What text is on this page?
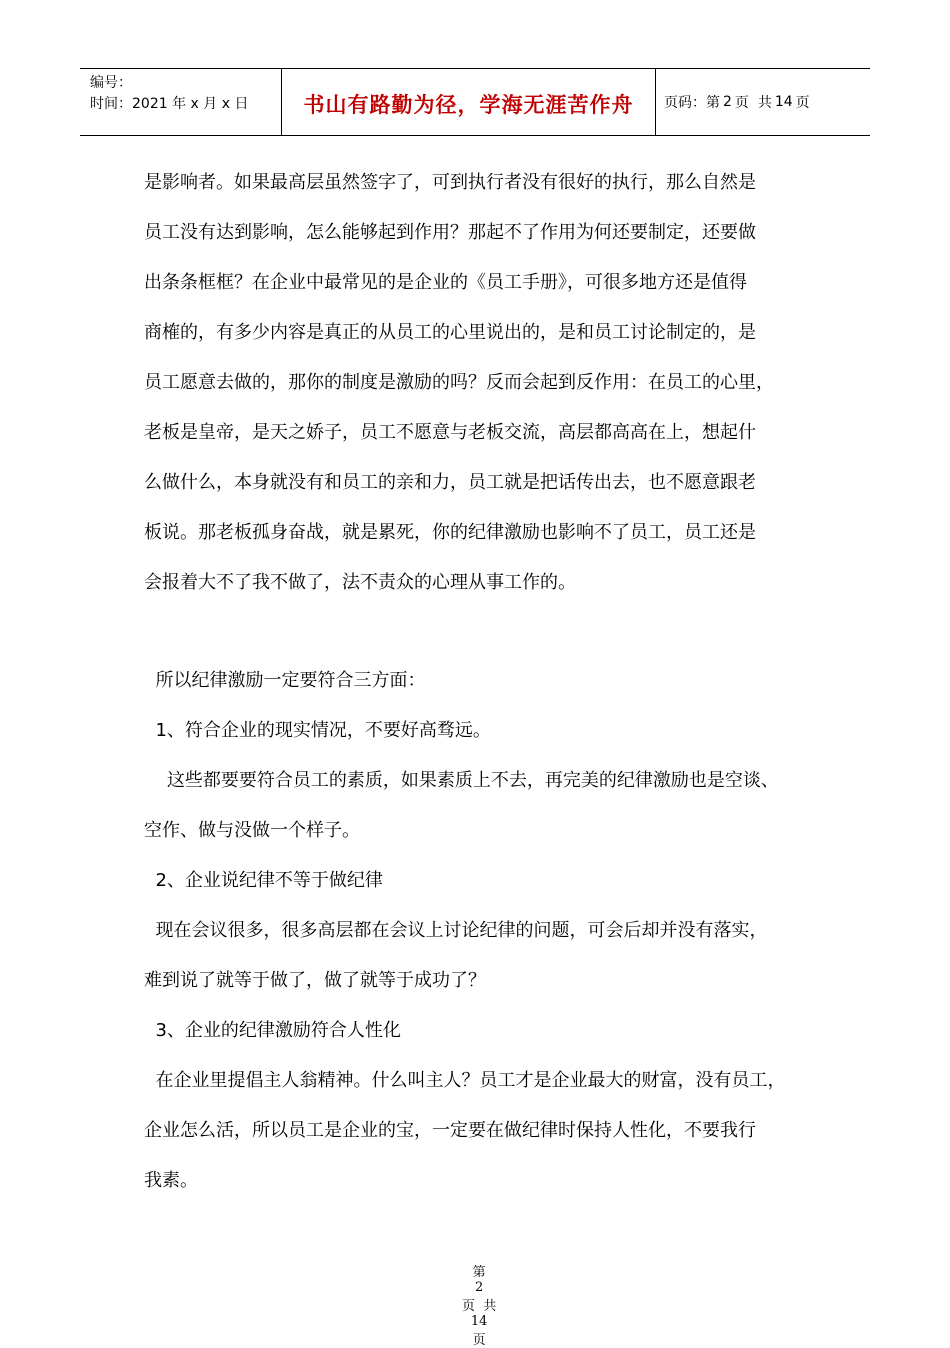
编号：
时间：2021 年 x 月 x 日	书山有路勤为径，学海无涯苦作舟 页码：第 2 页  共 14 页
是影响者。如果最高层虽然签字了，可到执行者没有很好的执行，那么自然是
员工没有达到影响，怎么能够起到作用？那起不了作用为何还要制定，还要做
出条条框框？在企业中最常见的是企业的《员工手册》，可很多地方还是值得
商榷的，有多少内容是真正的从员工的心里说出的，是和员工讨论制定的，是
员工愿意去做的，那你的制度是激励的吗？反而会起到反作用：在员工的心里，
老板是皇帝，是天之娇子，员工不愿意与老板交流，高层都高高在上，想起什
么做什么，本身就没有和员工的亲和力，员工就是把话传出去，也不愿意跟老
板说。那老板孤身奋战，就是累死，你的纪律激励也影响不了员工，员工还是
会报着大不了我不做了，法不责众的心理从事工作的。
所以纪律激励一定要符合三方面：
1、符合企业的现实情况，不要好高骛远。
这些都要要符合员工的素质，如果素质上不去，再完美的纪律激励也是空谈、
空作、做与没做一个样子。
2、企业说纪律不等于做纪律
现在会议很多，很多高层都在会议上讨论纪律的问题，可会后却并没有落实，
难到说了就等于做了，做了就等于成功了？
3、企业的纪律激励符合人性化
在企业里提倡主人翁精神。什么叫主人？员工才是企业最大的财富，没有员工，
企业怎么活，所以员工是企业的宝，一定要在做纪律时保持人性化，不要我行
我素。

第
2
页  共
14
页
